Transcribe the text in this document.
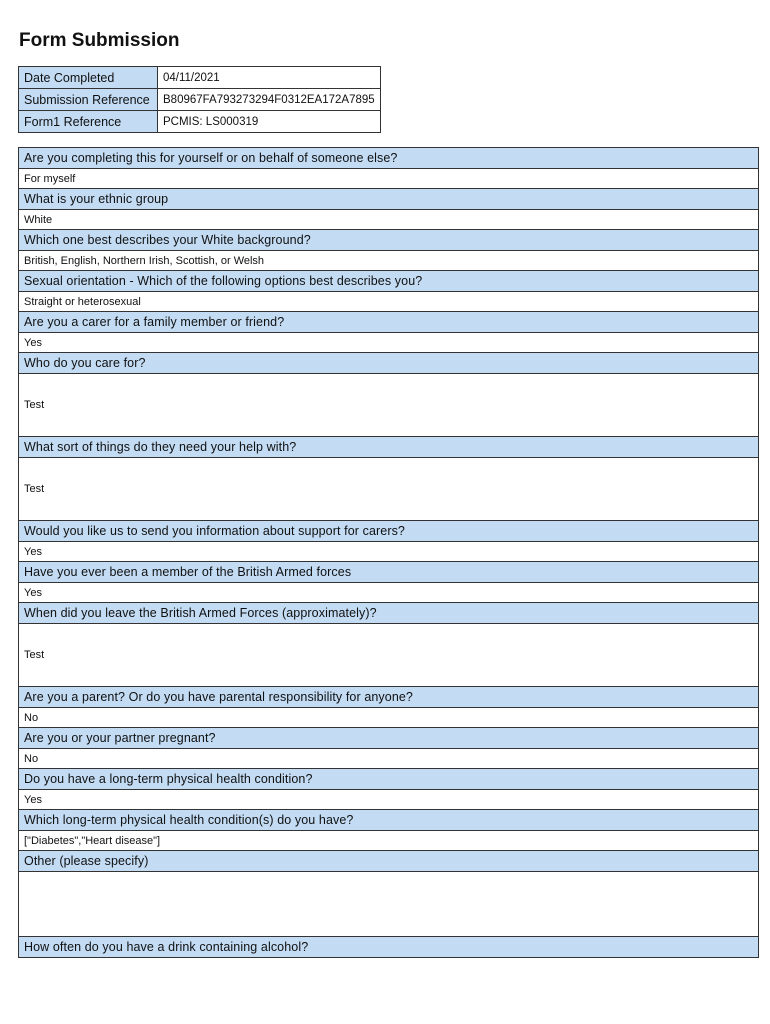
Form Submission
Date Completed	04/11/2021
Submission Reference	B80967FA793273294F0312EA172A7895
Form1 Reference	PCMIS: LS000319
Are you completing this for yourself or on behalf of someone else?
For myself
What is your ethnic group
White
Which one best describes your White background?
British, English, Northern Irish, Scottish, or Welsh
Sexual orientation - Which of the following options best describes you?
Straight or heterosexual
Are you a carer for a family member or friend?
Yes
Who do you care for?
Test
What sort of things do they need your help with?
Test
Would you like us to send you information about support for carers?
Yes
Have you ever been a member of the British Armed forces
Yes
When did you leave the British Armed Forces (approximately)?
Test
Are you a parent? Or do you have parental responsibility for anyone?
No
Are you or your partner pregnant?
No
Do you have a long-term physical health condition?
Yes
Which long-term physical health condition(s) do you have?
["Diabetes","Heart disease"]
Other (please specify)

How often do you have a drink containing alcohol?
